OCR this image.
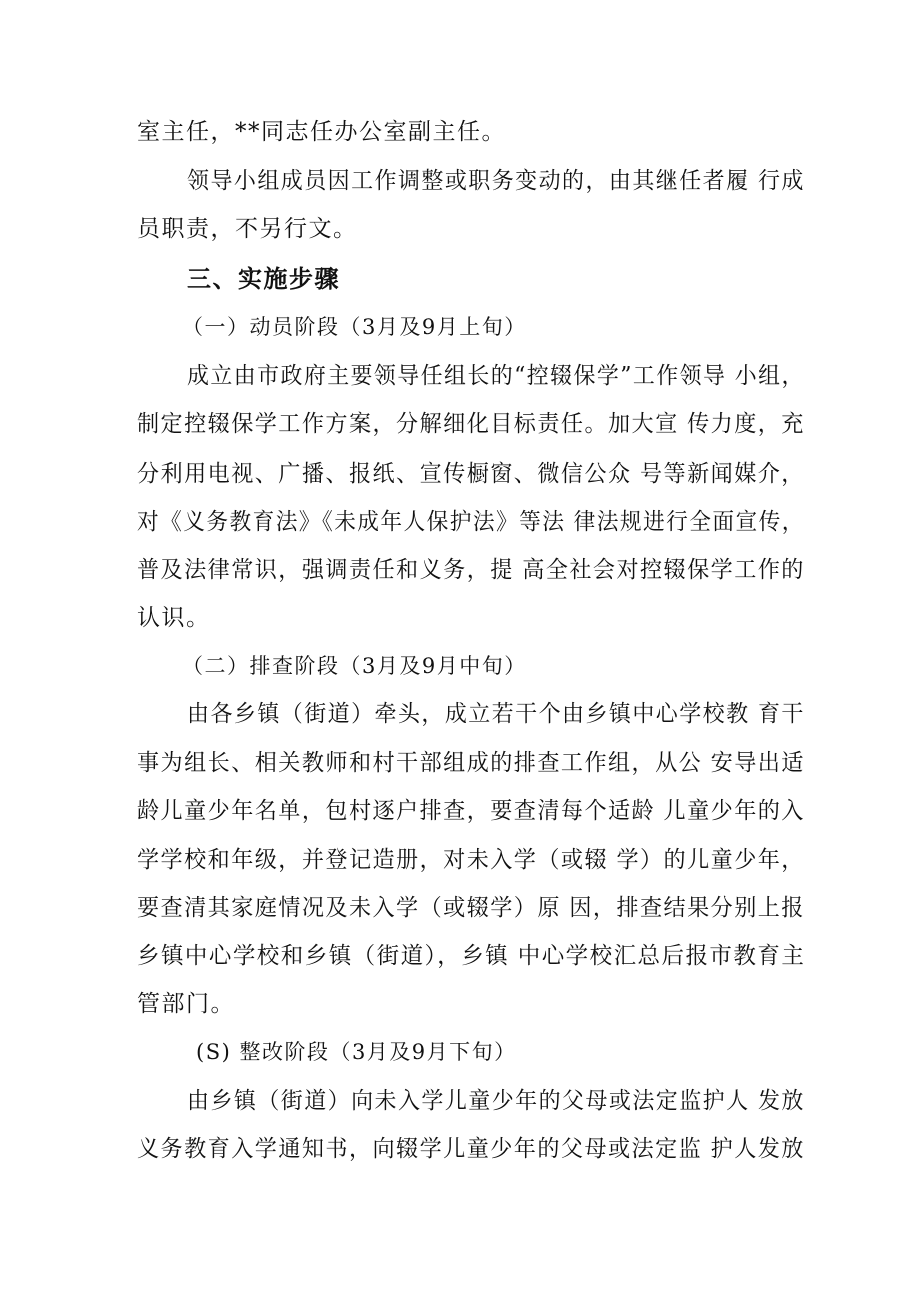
室主任，**同志任办公室副主任。
领导小组成员因工作调整或职务变动的，由其继任者履 行成
员职责，不另行文。
三、实施步骤
（一）动员阶段（3月及9月上旬）
成立由市政府主要领导任组长的“控辍保学”工作领导 小组，
制定控辍保学工作方案，分解细化目标责任。加大宣 传力度，充
分利用电视、广播、报纸、宣传橱窗、微信公众 号等新闻媒介，
对《义务教育法》《未成年人保护法》等法 律法规进行全面宣传，
普及法律常识，强调责任和义务，提 高全社会对控辍保学工作的
认识。
（二）排查阶段（3月及9月中旬）
由各乡镇（街道）牵头，成立若干个由乡镇中心学校教 育干
事为组长、相关教师和村干部组成的排查工作组，从公 安导出适
龄儿童少年名单，包村逐户排查，要查清每个适龄 儿童少年的入
学学校和年级，并登记造册，对未入学（或辍 学）的儿童少年，
要查清其家庭情况及未入学（或辍学）原 因，排查结果分别上报
乡镇中心学校和乡镇（街道），乡镇 中心学校汇总后报市教育主
管部门。
(S) 整改阶段（3月及9月下旬）
由乡镇（街道）向未入学儿童少年的父母或法定监护人 发放
义务教育入学通知书，向辍学儿童少年的父母或法定监 护人发放
